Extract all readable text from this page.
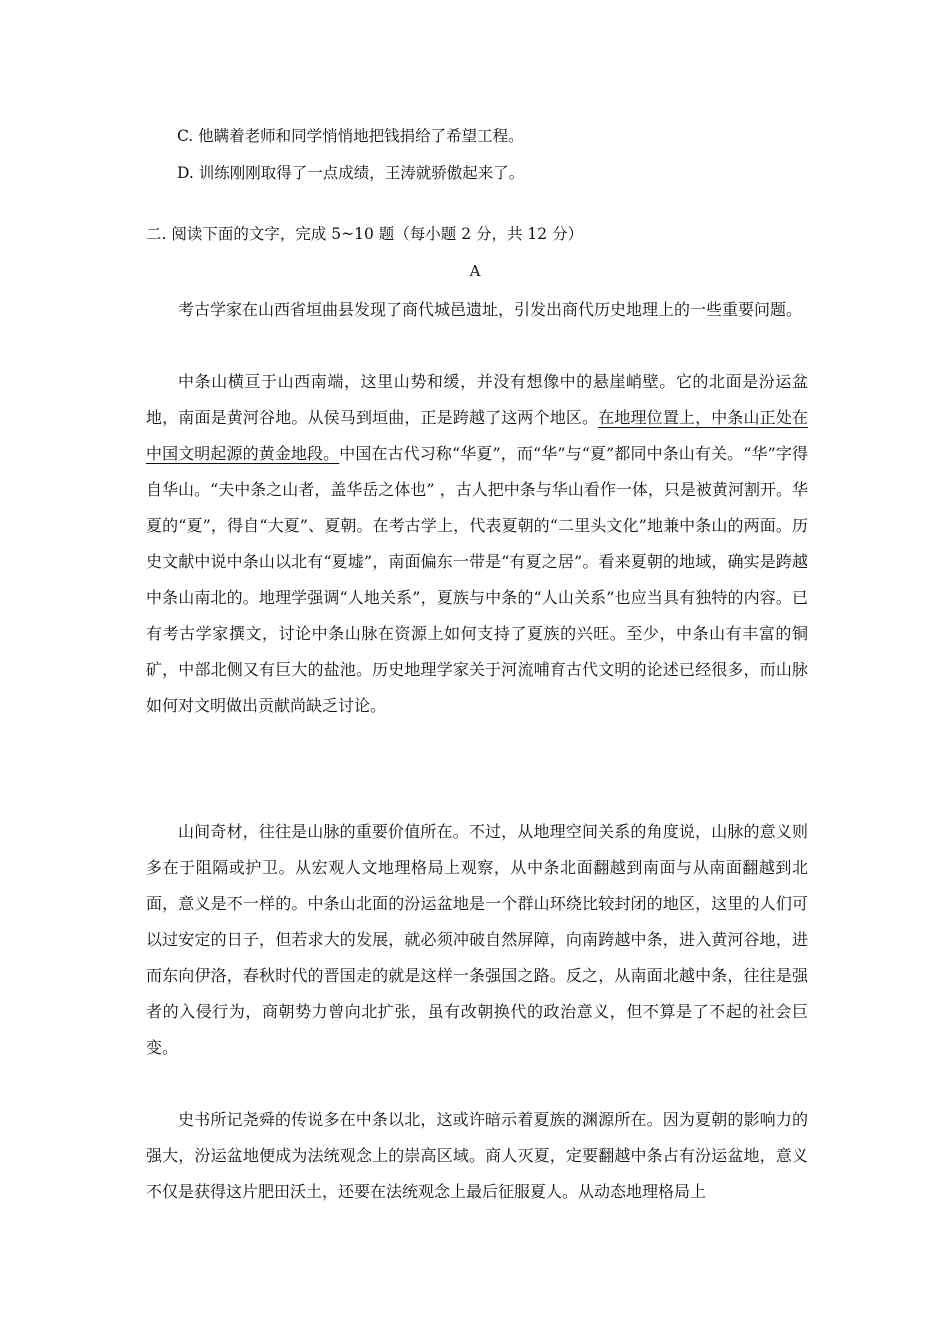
C. 他瞒着老师和同学悄悄地把钱捐给了希望工程。
D. 训练刚刚取得了一点成绩，王涛就骄傲起来了。
二. 阅读下面的文字，完成 5~10 题（每小题 2 分，共 12 分）
A

考古学家在山西省垣曲县发现了商代城邑遗址，引发出商代历史地理上的一些重要问题。

中条山横亘于山西南端，这里山势和缓，并没有想像中的悬崖峭壁。它的北面是汾运盆地，南面是黄河谷地。从侯马到垣曲，正是跨越了这两个地区。在地理位置上，中条山正处在中国文明起源的黄金地段。中国在古代习称“华夏”，而“华”与“夏”都同中条山有关。“华”字得自华山。“夫中条之山者，盖华岳之体也” ，古人把中条与华山看作一体，只是被黄河割开。华夏的“夏”，得自“大夏”、夏朝。在考古学上，代表夏朝的“二里头文化”地兼中条山的两面。历史文献中说中条山以北有“夏墟”，南面偏东一带是“有夏之居”。看来夏朝的地域，确实是跨越中条山南北的。地理学强调“人地关系”，夏族与中条的“人山关系”也应当具有独特的内容。已有考古学家撰文，讨论中条山脉在资源上如何支持了夏族的兴旺。至少，中条山有丰富的铜矿，中部北侧又有巨大的盐池。历史地理学家关于河流哺育古代文明的论述已经很多，而山脉如何对文明做出贡献尚缺乏讨论。

山间奇材，往往是山脉的重要价值所在。不过，从地理空间关系的角度说，山脉的意义则多在于阻隔或护卫。从宏观人文地理格局上观察，从中条北面翻越到南面与从南面翻越到北面，意义是不一样的。中条山北面的汾运盆地是一个群山环绕比较封闭的地区，这里的人们可以过安定的日子，但若求大的发展，就必须冲破自然屏障，向南跨越中条，进入黄河谷地，进而东向伊洛，春秋时代的晋国走的就是这样一条强国之路。反之，从南面北越中条，往往是强者的入侵行为，商朝势力曾向北扩张，虽有改朝换代的政治意义，但不算是了不起的社会巨变。

史书所记尧舜的传说多在中条以北，这或许暗示着夏族的渊源所在。因为夏朝的影响力的强大，汾运盆地便成为法统观念上的崇高区域。商人灭夏，定要翻越中条占有汾运盆地，意义不仅是获得这片肥田沃土，还要在法统观念上最后征服夏人。从动态地理格局上
